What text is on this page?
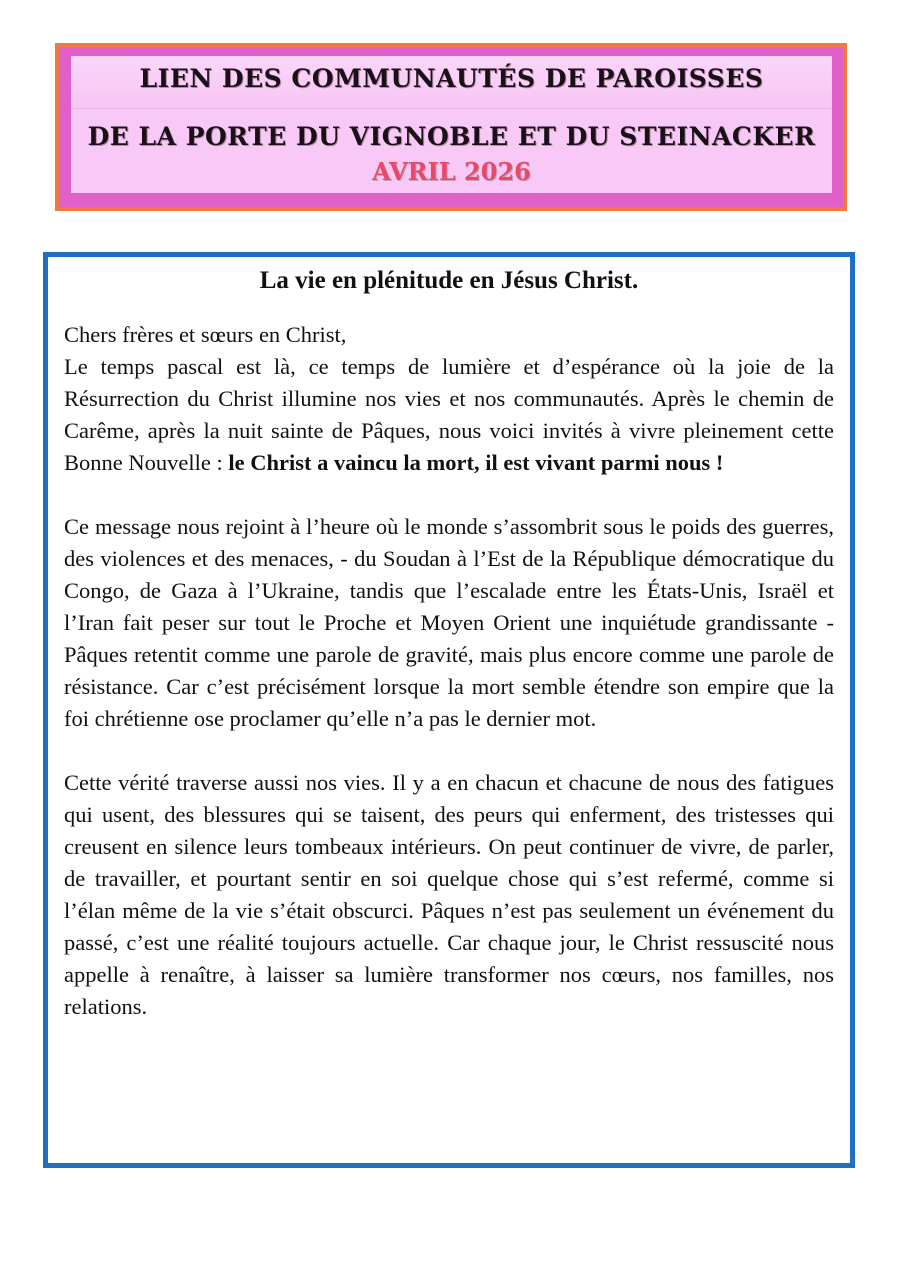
LIEN DES COMMUNAUTÉS DE PAROISSES
DE LA PORTE DU VIGNOBLE ET DU STEINACKER
AVRIL 2026
La vie en plénitude en Jésus Christ.

Chers frères et sœurs en Christ,

Le temps pascal est là, ce temps de lumière et d’espérance où la joie de la Résurrection du Christ illumine nos vies et nos communautés. Après le chemin de Carême, après la nuit sainte de Pâques, nous voici invités à vivre pleinement cette Bonne Nouvelle : le Christ a vaincu la mort, il est vivant parmi nous !

Ce message nous rejoint à l’heure où le monde s’assombrit sous le poids des guerres, des violences et des menaces, - du Soudan à l’Est de la République démocratique du Congo, de Gaza à l’Ukraine, tandis que l’escalade entre les États-Unis, Israël et l’Iran fait peser sur tout le Proche et Moyen Orient une inquiétude grandissante - Pâques retentit comme une parole de gravité, mais plus encore comme une parole de résistance. Car c’est précisément lorsque la mort semble étendre son empire que la foi chrétienne ose proclamer qu’elle n’a pas le dernier mot.

Cette vérité traverse aussi nos vies. Il y a en chacun et chacune de nous des fatigues qui usent, des blessures qui se taisent, des peurs qui enferment, des tristesses qui creusent en silence leurs tombeaux intérieurs. On peut continuer de vivre, de parler, de travailler, et pourtant sentir en soi quelque chose qui s’est refermé, comme si l’élan même de la vie s’était obscurci. Pâques n’est pas seulement un événement du passé, c’est une réalité toujours actuelle. Car chaque jour, le Christ ressuscité nous appelle à renaître, à laisser sa lumière transformer nos cœurs, nos familles, nos relations.
